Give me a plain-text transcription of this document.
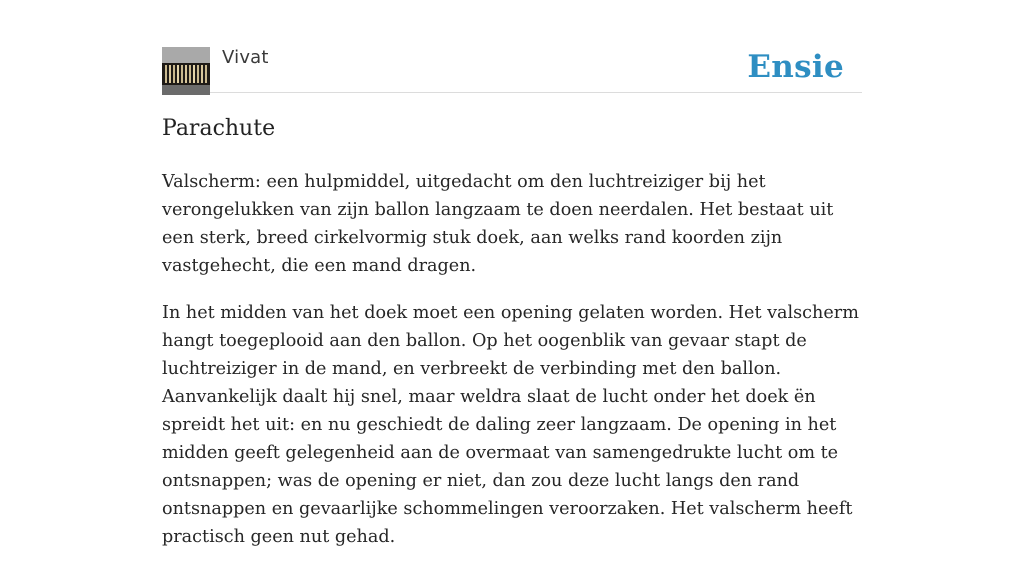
Vivat	Ensie
Parachute

Valscherm: een hulpmiddel, uitgedacht om den luchtreiziger bij het verongelukken van zijn ballon langzaam te doen neerdalen. Het bestaat uit een sterk, breed cirkelvormig stuk doek, aan welks rand koorden zijn vastgehecht, die een mand dragen.

In het midden van het doek moet een opening gelaten worden. Het valscherm hangt toegeplooid aan den ballon. Op het oogenblik van gevaar stapt de luchtreiziger in de mand, en verbreekt de verbinding met den ballon. Aanvankelijk daalt hij snel, maar weldra slaat de lucht onder het doek ën spreidt het uit: en nu geschiedt de daling zeer langzaam. De opening in het midden geeft gelegenheid aan de overmaat van samengedrukte lucht om te ontsnappen; was de opening er niet, dan zou deze lucht langs den rand ontsnappen en gevaarlijke schommelingen veroorzaken. Het valscherm heeft practisch geen nut gehad.
